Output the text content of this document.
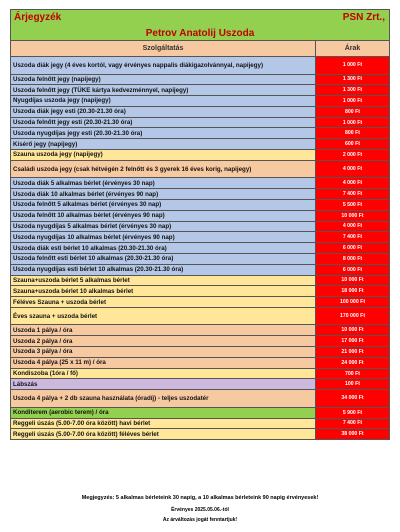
Árjegyzék	PSN Zrt.,
Petrov Anatolij Uszoda
Szolgáltatás	Árak
Uszoda diák jegy (4 éves kortól, vagy érvényes nappalis diákigazolvánnyal, napijegy)	1 000 Ft
Uszoda felnőtt jegy (napijegy)	1 300 Ft
Uszoda felnőtt jegy (TÜKE kártya kedvezménnyel, napijegy)	1 300 Ft
Nyugdíjas uszoda jegy (napijegy)	1 000 Ft
Uszoda diák jegy esti (20.30-21.30 óra)	800 Ft
Uszoda felnőtt jegy esti (20.30-21.30 óra)	1 000 Ft
Uszoda nyugdíjas jegy esti (20.30-21.30 óra)	800 Ft
Kísérő jegy (napijegy)	600 Ft
Szauna uszoda jegy (napijegy)	2 000 Ft
Családi uszoda jegy (csak hétvégén 2 felnőtt és 3 gyerek 16 éves korig, napijegy)	4 000 Ft
Uszoda diák 5 alkalmas bérlet (érvényes 30 nap)	4 000 Ft
Uszoda diák 10 alkalmas bérlet (érvényes 90 nap)	7 400 Ft
Uszoda felnőtt 5 alkalmas bérlet (érvényes 30 nap)	5 500 Ft
Uszoda felnőtt 10 alkalmas bérlet (érvényes 90 nap)	10 000 Ft
Uszoda nyugdíjas 5 alkalmas bérlet (érvényes 30 nap)	4 000 Ft
Uszoda nyugdíjas 10 alkalmas bérlet (érvényes 90 nap)	7 400 Ft
Uszoda diák esti bérlet 10 alkalmas (20.30-21.30 óra)	6 000 Ft
Uszoda felnőtt esti bérlet 10 alkalmas (20.30-21.30 óra)	8 000 Ft
Uszoda nyugdíjas esti bérlet 10 alkalmas (20.30-21.30 óra)	6 000 Ft
Szauna+uszoda bérlet 5 alkalmas bérlet	10 000 Ft
Szauna+uszoda bérlet 10 alkalmas bérlet	18 000 Ft
Féléves Szauna + uszoda bérlet	100 000 Ft
Éves szauna + uszoda bérlet	170 000 Ft
Uszoda 1 pálya / óra	10 000 Ft
Uszoda 2 pálya / óra	17 000 Ft
Uszoda 3 pálya / óra	21 000 Ft
Uszoda 4 pálya (25 x 11 m) / óra	24 000 Ft
Kondiszoba (1óra / fő)	700 Ft
Lábszás	100 Ft
Uszoda 4 pálya + 2 db szauna használata (óradíj) - teljes uszodatér	34 000 Ft
Konditerem (aerobic terem) / óra	5 900 Ft
Reggeli úszás (5.00-7.00 óra között) havi bérlet	7 400 Ft
Reggeli úszás (5.00-7.00 óra között) féléves bérlet	38 000 Ft
Megjegyzés: 5 alkalmas bérleteink 30 napig, a 10 alkalmas bérleteink 90 napig érvényesek!
Érvényes 2025.05.06.-tól
Az árváltozás jogát fenntartjuk!
